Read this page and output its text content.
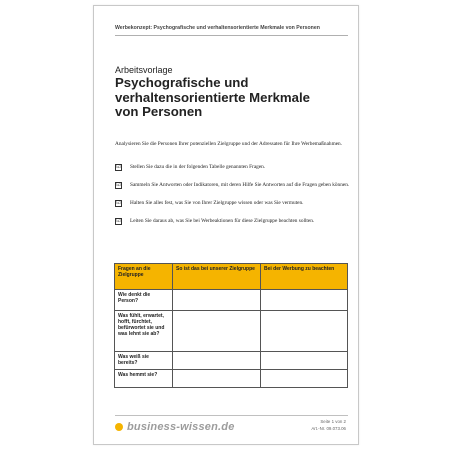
Werbekonzept: Psychografische und verhaltensorientierte Merkmale von Personen
Arbeitsvorlage
Psychografische und verhaltensorientierte Merkmale von Personen
Analysieren Sie die Personen Ihrer potenziellen Zielgruppe und der Adressaten für Ihre Werbemaßnahmen.
☑ Stellen Sie dazu die in der folgenden Tabelle genannten Fragen.
☑ Sammeln Sie Antworten oder Indikatoren, mit deren Hilfe Sie Antworten auf die Fragen geben können.
☑ Halten Sie alles fest, was Sie von Ihrer Zielgruppe wissen oder was Sie vermuten.
☑ Leiten Sie daraus ab, was Sie bei Werbeaktionen für diese Zielgruppe beachten sollten.
Fragen an die Zielgruppe	So ist das bei unserer Zielgruppe	Bei der Werbung zu beachten
Wie denkt die Person?		
Was fühlt, erwartet, hofft, fürchtet, befürwortet sie und was lehnt sie ab?		
Was weiß sie bereits?		
Was hemmt sie?		
business-wissen.de	Seite 1 von 2
Art.-Nr. 09.073.06
